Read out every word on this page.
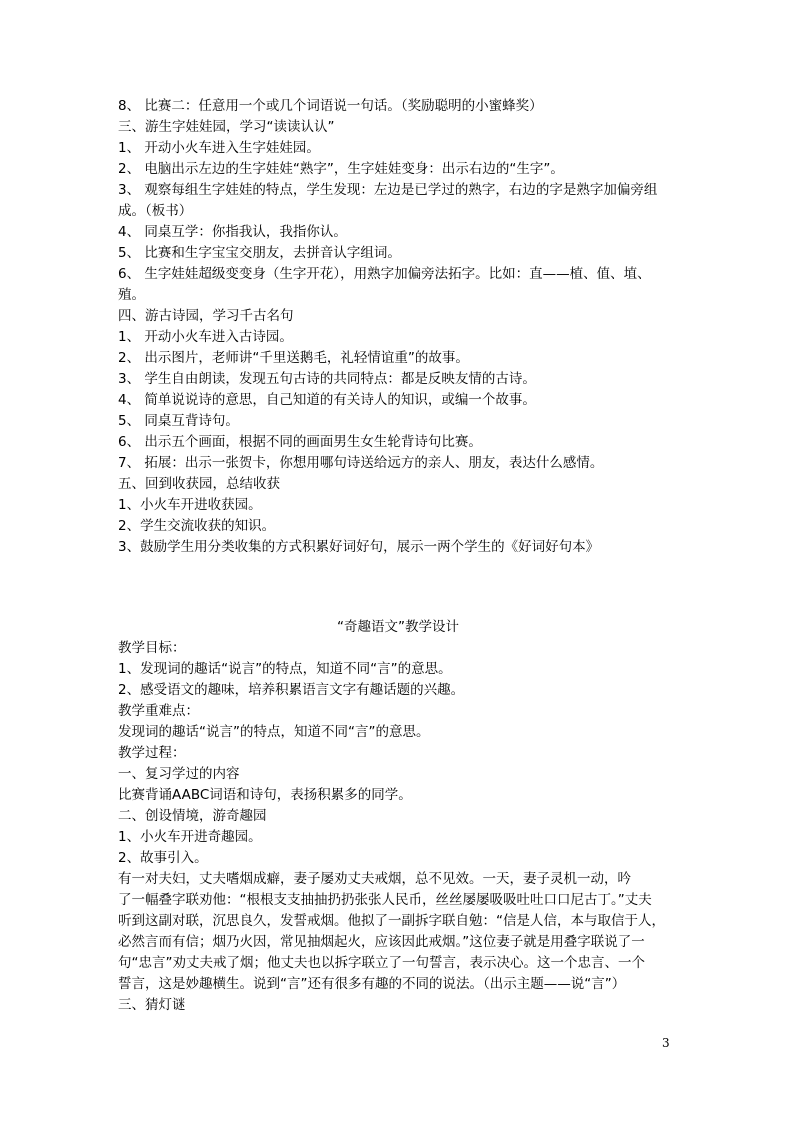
8、 比赛二：任意用一个或几个词语说一句话。（奖励聪明的小蜜蜂奖）
三、游生字娃娃园，学习“读读认认”
1、 开动小火车进入生字娃娃园。
2、 电脑出示左边的生字娃娃“熟字”，生字娃娃变身：出示右边的“生字”。
3、 观察每组生字娃娃的特点，学生发现：左边是已学过的熟字，右边的字是熟字加偏旁组
成。（板书）
4、 同桌互学：你指我认，我指你认。
5、 比赛和生字宝宝交朋友，去拼音认字组词。
6、 生字娃娃超级变变身（生字开花），用熟字加偏旁法拓字。比如：直——植、值、埴、
殖。
四、游古诗园，学习千古名句
1、 开动小火车进入古诗园。
2、 出示图片，老师讲“千里送鹅毛，礼轻情谊重”的故事。
3、 学生自由朗读，发现五句古诗的共同特点：都是反映友情的古诗。
4、 简单说说诗的意思，自己知道的有关诗人的知识，或编一个故事。
5、 同桌互背诗句。
6、 出示五个画面，根据不同的画面男生女生轮背诗句比赛。
7、 拓展：出示一张贺卡，你想用哪句诗送给远方的亲人、朋友，表达什么感情。
五、回到收获园，总结收获
1、小火车开进收获园。
2、学生交流收获的知识。
3、鼓励学生用分类收集的方式积累好词好句，展示一两个学生的《好词好句本》
“奇趣语文”教学设计
教学目标：
1、发现词的趣话“说言”的特点，知道不同“言”的意思。
2、感受语文的趣味，培养积累语言文字有趣话题的兴趣。
教学重难点：
发现词的趣话“说言”的特点，知道不同“言”的意思。
教学过程：
一、复习学过的内容
比赛背诵AABC词语和诗句，表扬积累多的同学。
二、创设情境，游奇趣园
1、小火车开进奇趣园。
2、故事引入。
有一对夫妇，丈夫嗜烟成癖，妻子屡劝丈夫戒烟，总不见效。一天，妻子灵机一动，吟
了一幅叠字联劝他：“根根支支抽抽扔扔张张人民币，丝丝屡屡吸吸吐吐口口尼古丁。”丈夫
听到这副对联，沉思良久，发誓戒烟。他拟了一副拆字联自勉：“信是人信，本与取信于人，
必然言而有信；烟乃火因，常见抽烟起火，应该因此戒烟。”这位妻子就是用叠字联说了一
句“忠言”劝丈夫戒了烟；他丈夫也以拆字联立了一句誓言，表示决心。这一个忠言、一个
誓言，这是妙趣横生。说到“言”还有很多有趣的不同的说法。（出示主题——说“言”）
三、猜灯谜
3
